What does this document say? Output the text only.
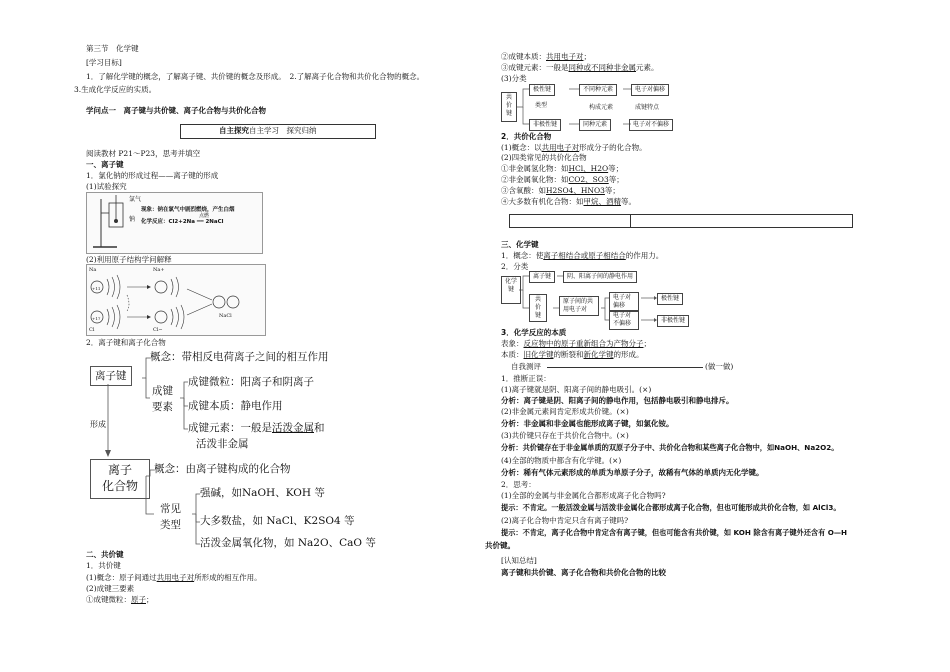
第三节　化学键
[学习目标]
1．了解化学键的概念，了解离子键、共价键的概念及形成。　2.了解离子化合物和共价化合物的概念。
3.生成化学反应的实质。
学问点一　离子键与共价键、离子化合物与共价化合物
自主探究自主学习　探究归纳
阅读教材 P21～P23，思考并填空
一、离子键
1．氯化钠的形成过程——离子键的形成
(1)试验探究
氯气
钠
现象：钠在氯气中剧烈燃烧，产生白烟
点燃
化学反应：Cl2+2Na ══ 2NaCl
(2)利用原子结构学问解释
Na	Na+
+11
+17
Cl	Cl−
NaCl
2．离子键和离子化合物
离子键
概念：带相反电荷离子之间的相互作用
成键
要素
成键微粒：阳离子和阴离子
成键本质：静电作用
成键元素：一般是活泼金属和
活泼非金属
形成
离子
化合物
概念：由离子键构成的化合物
常见
类型
强碱，如NaOH、KOH 等
大多数盐，如 NaCl、K2SO4 等
活泼金属氧化物，如 Na2O、CaO 等
二、共价键
1．共价键
(1)概念：原子间通过共用电子对所形成的相互作用。
(2)成键三要素
①成键微粒：原子；
②成键本质：共用电子对；
③成键元素：一般是同种或不同种非金属元素。
(3)分类
共价键
极性键	不同种元素	电子对偏移
类型	构成元素	成键特点
非极性键	同种元素	电子对不偏移
2．共价化合物
(1)概念：以共用电子对形成分子的化合物。
(2)四类常见的共价化合物
①非金属氢化物：如HCl、H2O等；
②非金属氧化物：如CO2、SO3等；
③含氧酸：如H2SO4、HNO3等；
④大多数有机化合物：如甲烷、酒精等。
三、化学键
1．概念：使离子相结合或原子相结合的作用力。
2．分类
化学
键
离子键	阴、阳离子间的静电作用
共价键
原子间的共用电子对
电子对偏移
极性键
电子对不偏移	非极性键
3．化学反应的本质
表象：反应物中的原子重新组合为产物分子；
本质：旧化学键的断裂和新化学键的形成。
自我测评	(做一做)
1．推断正误：
(1)离子键就是阴、阳离子间的静电吸引。(×)
分析：离子键是阴、阳离子间的静电作用，包括静电吸引和静电排斥。
(2)非金属元素间肯定形成共价键。(×)
分析：非金属和非金属也能形成离子键，如氯化铵。
(3)共价键只存在于共价化合物中。(×)
分析：共价键存在于非金属单质的双原子分子中、共价化合物和某些离子化合物中，如NaOH、Na2O2。
(4)全部的物质中都含有化学键。(×)
分析：稀有气体元素形成的单质为单原子分子，故稀有气体的单质内无化学键。
2．思考：
(1)全部的金属与非金属化合都形成离子化合物吗?
提示：不肯定。一般活泼金属与活泼非金属化合都形成离子化合物，但也可能形成共价化合物，如 AlCl3。
(2)离子化合物中肯定只含有离子键吗?
提示：不肯定，离子化合物中肯定含有离子键，但也可能含有共价键，如 KOH 除含有离子键外还含有 O—H
共价键。
[认知总结]
离子键和共价键、离子化合物和共价化合物的比较
